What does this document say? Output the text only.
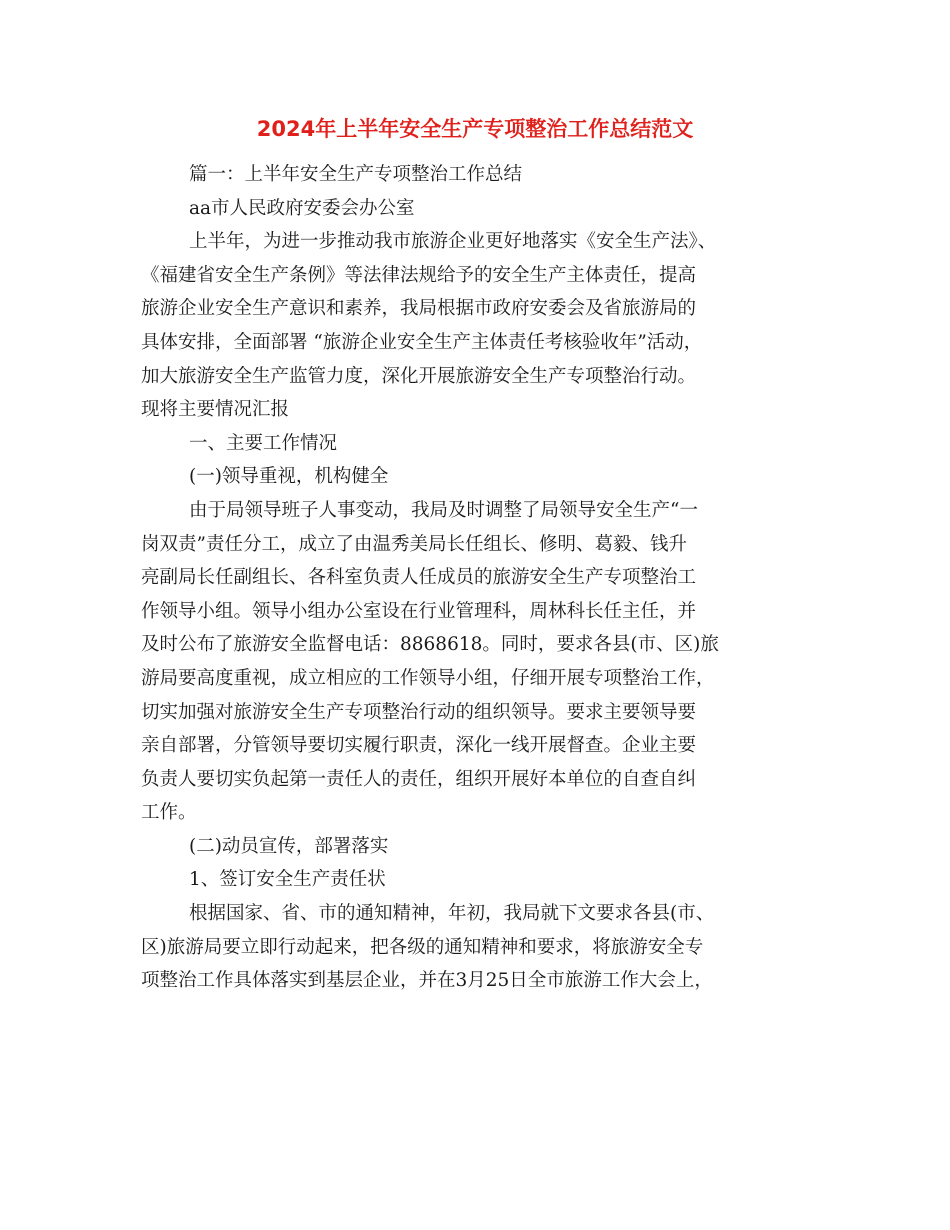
2024年上半年安全生产专项整治工作总结范文
篇一：上半年安全生产专项整治工作总结
aa市人民政府安委会办公室
上半年，为进一步推动我市旅游企业更好地落实《安全生产法》、
《福建省安全生产条例》等法律法规给予的安全生产主体责任，提高
旅游企业安全生产意识和素养，我局根据市政府安委会及省旅游局的
具体安排，全面部署 “旅游企业安全生产主体责任考核验收年”活动，
加大旅游安全生产监管力度，深化开展旅游安全生产专项整治行动。
现将主要情况汇报
一、主要工作情况
(一)领导重视，机构健全
由于局领导班子人事变动，我局及时调整了局领导安全生产“一
岗双责”责任分工，成立了由温秀美局长任组长、修明、葛毅、钱升
亮副局长任副组长、各科室负责人任成员的旅游安全生产专项整治工
作领导小组。领导小组办公室设在行业管理科，周林科长任主任，并
及时公布了旅游安全监督电话：8868618。同时，要求各县(市、区)旅
游局要高度重视，成立相应的工作领导小组，仔细开展专项整治工作，
切实加强对旅游安全生产专项整治行动的组织领导。要求主要领导要
亲自部署，分管领导要切实履行职责，深化一线开展督查。企业主要
负责人要切实负起第一责任人的责任，组织开展好本单位的自查自纠
工作。
(二)动员宣传，部署落实
1、签订安全生产责任状
根据国家、省、市的通知精神，年初，我局就下文要求各县(市、
区)旅游局要立即行动起来，把各级的通知精神和要求，将旅游安全专
项整治工作具体落实到基层企业，并在3月25日全市旅游工作大会上，
